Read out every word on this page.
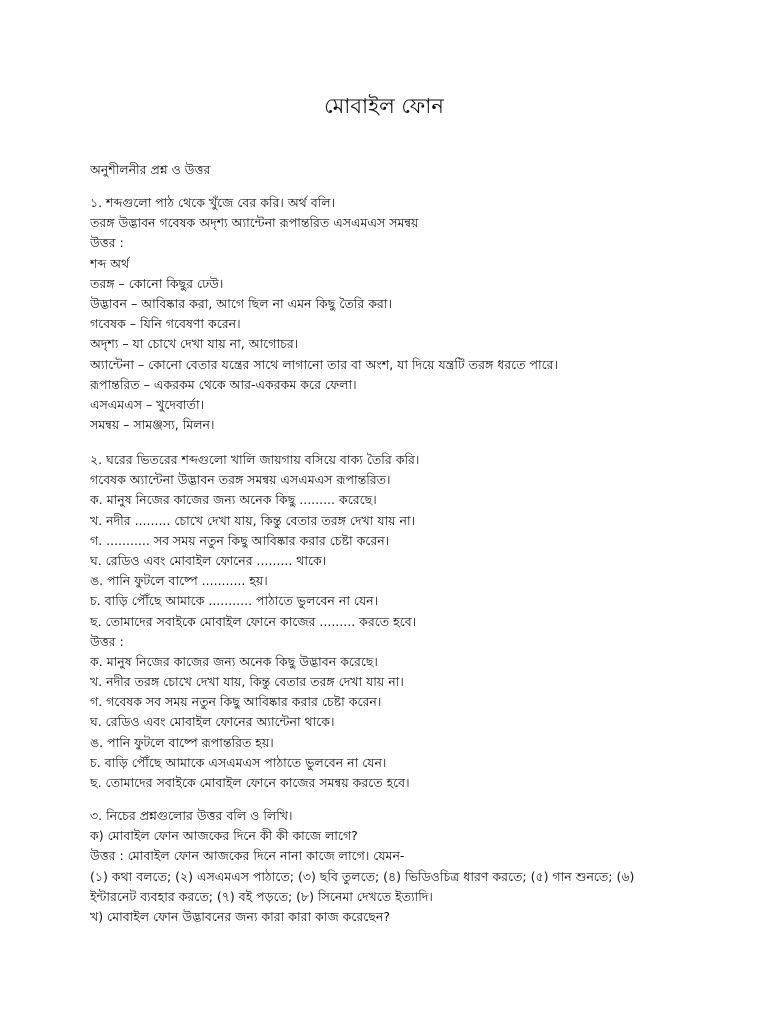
মোবাইল ফোন
অনুশীলনীর প্রশ্ন ও উত্তর
১. শব্দগুলো পাঠ থেকে খুঁজে বের করি। অর্থ বলি।
তরঙ্গ উদ্ভাবন গবেষক অদৃশ্য অ্যান্টেনা রূপান্তরিত এসএমএস সমন্বয়
উত্তর :
শব্দ অর্থ
তরঙ্গ – কোনো কিছুর ঢেউ।
উদ্ভাবন – আবিষ্কার করা, আগে ছিল না এমন কিছু তৈরি করা।
গবেষক – যিনি গবেষণা করেন।
অদৃশ্য – যা চোখে দেখা যায় না, আগোচর।
অ্যান্টেনা – কোনো বেতার যন্ত্রের সাথে লাগানো তার বা অংশ, যা দিয়ে যন্ত্রটি তরঙ্গ ধরতে পারে।
রূপান্তরিত – একরকম থেকে আর-একরকম করে ফেলা।
এসএমএস – খুদেবার্তা।
সমন্বয় – সামঞ্জস্য, মিলন।
২. ঘরের ভিতরের শব্দগুলো খালি জায়গায় বসিয়ে বাক্য তৈরি করি।
গবেষক অ্যান্টেনা উদ্ভাবন তরঙ্গ সমন্বয় এসএমএস রূপান্তরিত।
ক. মানুষ নিজের কাজের জন্য অনেক কিছু ......... করেছে।
খ. নদীর ......... চোখে দেখা যায়, কিন্তু বেতার তরঙ্গ দেখা যায় না।
গ. ........... সব সময় নতুন কিছু আবিষ্কার করার চেষ্টা করেন।
ঘ. রেডিও এবং মোবাইল ফোনের ......... থাকে।
ঙ. পানি ফুটলে বাষ্পে ........... হয়।
চ. বাড়ি পৌঁছে আমাকে ........... পাঠাতে ভুলবেন না যেন।
ছ. তোমাদের সবাইকে মোবাইল ফোনে কাজের ......... করতে হবে।
উত্তর :
ক. মানুষ নিজের কাজের জন্য অনেক কিছু উদ্ভাবন করেছে।
খ. নদীর তরঙ্গ চোখে দেখা যায়, কিন্তু বেতার তরঙ্গ দেখা যায় না।
গ. গবেষক সব সময় নতুন কিছু আবিষ্কার করার চেষ্টা করেন।
ঘ. রেডিও এবং মোবাইল ফোনের অ্যান্টেনা থাকে।
ঙ. পানি ফুটলে বাষ্পে রূপান্তরিত হয়।
চ. বাড়ি পৌঁছে আমাকে এসএমএস পাঠাতে ভুলবেন না যেন।
ছ. তোমাদের সবাইকে মোবাইল ফোনে কাজের সমন্বয় করতে হবে।
৩. নিচের প্রশ্নগুলোর উত্তর বলি ও লিখি।
ক) মোবাইল ফোন আজকের দিনে কী কী কাজে লাগে?
উত্তর : মোবাইল ফোন আজকের দিনে নানা কাজে লাগে। যেমন-
(১) কথা বলতে; (২) এসএমএস পাঠাতে; (৩) ছবি তুলতে; (৪) ভিডিওচিত্র ধারণ করতে; (৫) গান শুনতে; (৬)
ইন্টারনেট ব্যবহার করতে; (৭) বই পড়তে; (৮) সিনেমা দেখতে ইত্যাদি।
খ) মোবাইল ফোন উদ্ভাবনের জন্য কারা কারা কাজ করেছেন?
